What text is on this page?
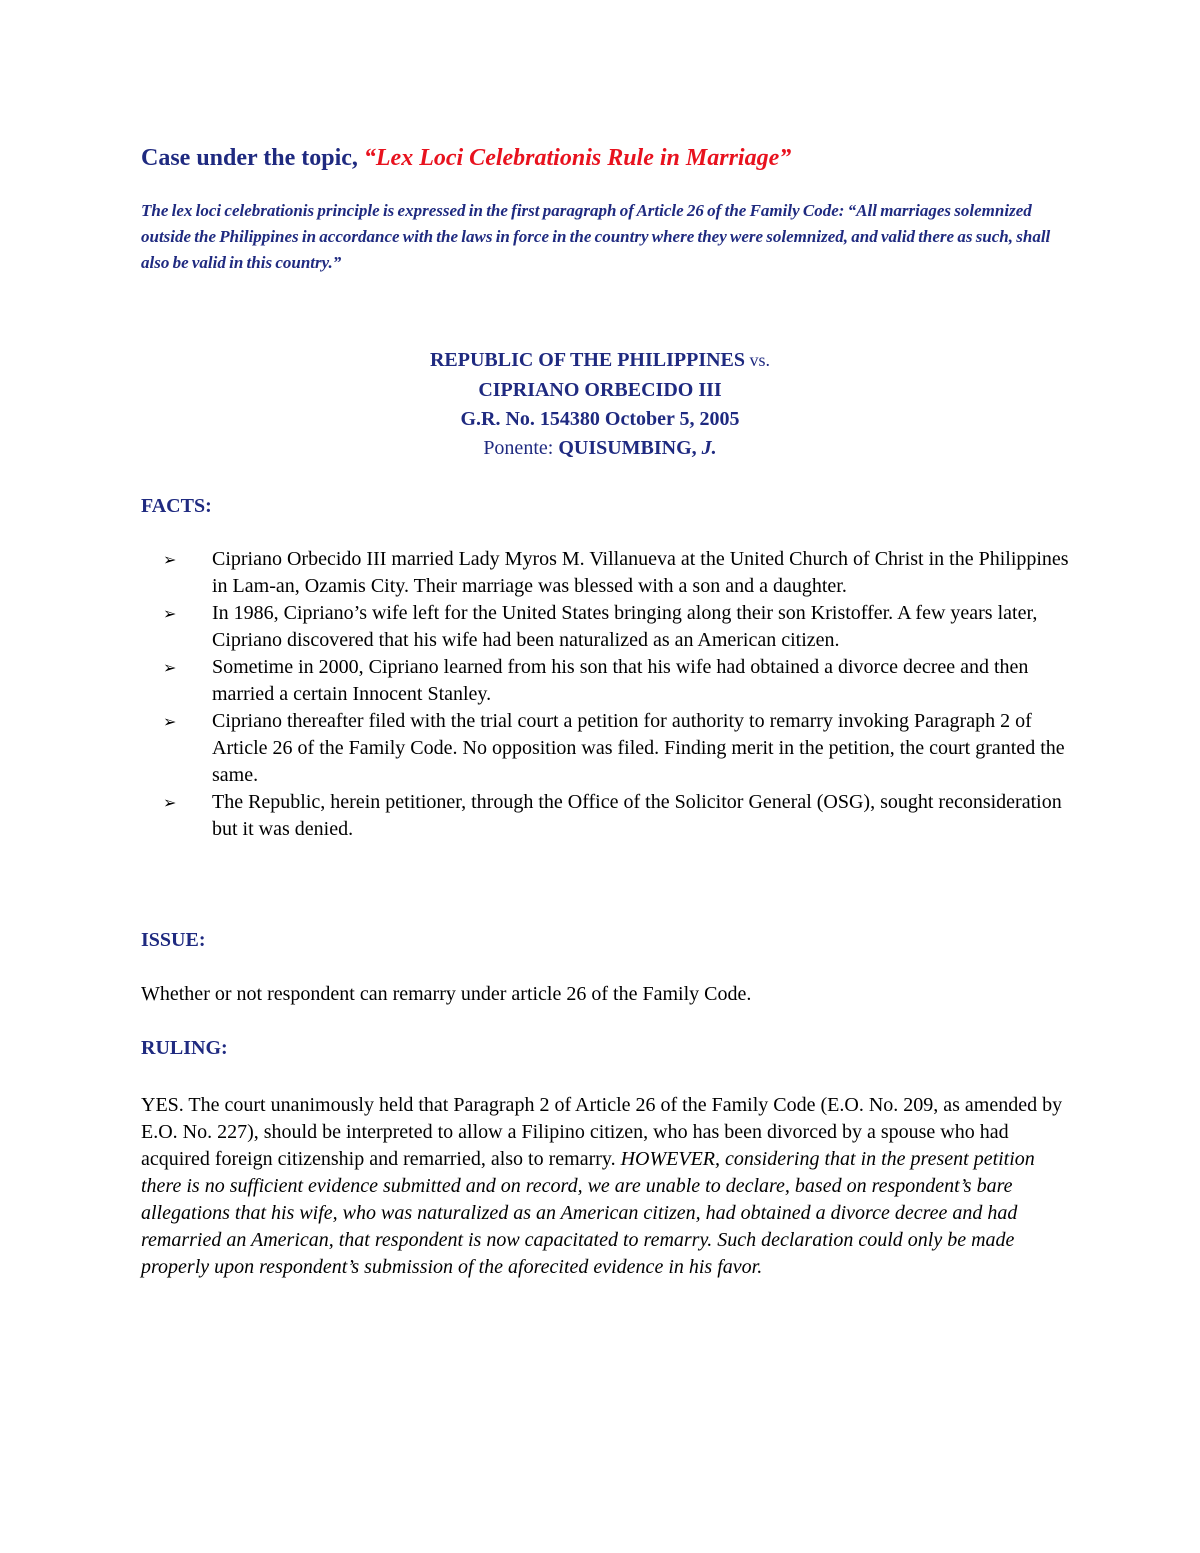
Case under the topic, “Lex Loci Celebrationis Rule in Marriage”
The lex loci celebrationis principle is expressed in the first paragraph of Article 26 of the Family Code: “All marriages solemnized outside the Philippines in accordance with the laws in force in the country where they were solemnized, and valid there as such, shall also be valid in this country.”
REPUBLIC OF THE PHILIPPINES vs.
CIPRIANO ORBECIDO III
G.R. No. 154380 October 5, 2005
Ponente: QUISUMBING, J.
FACTS:
➢ Cipriano Orbecido III married Lady Myros M. Villanueva at the United Church of Christ in the Philippines in Lam-an, Ozamis City. Their marriage was blessed with a son and a daughter.
➢ In 1986, Cipriano’s wife left for the United States bringing along their son Kristoffer. A few years later, Cipriano discovered that his wife had been naturalized as an American citizen.
➢ Sometime in 2000, Cipriano learned from his son that his wife had obtained a divorce decree and then married a certain Innocent Stanley.
➢ Cipriano thereafter filed with the trial court a petition for authority to remarry invoking Paragraph 2 of Article 26 of the Family Code. No opposition was filed. Finding merit in the petition, the court granted the same.
➢ The Republic, herein petitioner, through the Office of the Solicitor General (OSG), sought reconsideration but it was denied.
ISSUE:
Whether or not respondent can remarry under article 26 of the Family Code.
RULING:
YES. The court unanimously held that Paragraph 2 of Article 26 of the Family Code (E.O. No. 209, as amended by E.O. No. 227), should be interpreted to allow a Filipino citizen, who has been divorced by a spouse who had acquired foreign citizenship and remarried, also to remarry. HOWEVER, considering that in the present petition there is no sufficient evidence submitted and on record, we are unable to declare, based on respondent’s bare allegations that his wife, who was naturalized as an American citizen, had obtained a divorce decree and had remarried an American, that respondent is now capacitated to remarry. Such declaration could only be made properly upon respondent’s submission of the aforecited evidence in his favor.
